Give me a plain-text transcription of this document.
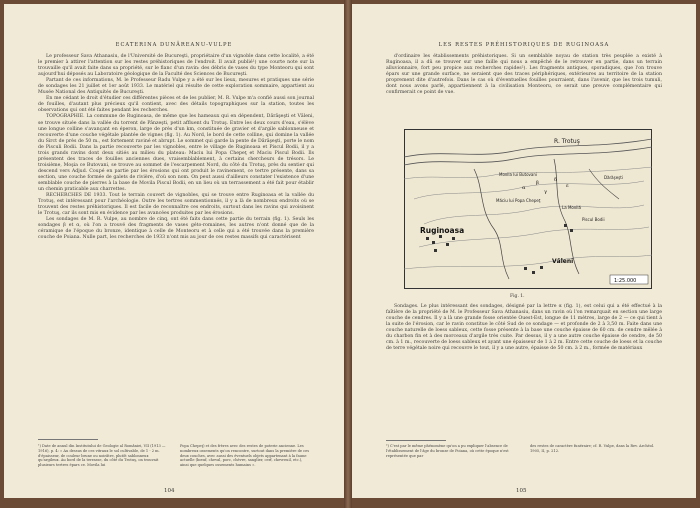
ECATERINA DUNĂREANU-VULPE

Le professeur Sava Athanasiu, de l'Université de Bucureşti, propriétaire d'un vignoble dans cette localité, a été le premier à attirer l'attention sur les restes préhistoriques de l'endroit. Il avait publié¹) une courte note sur la trouvaille qu'il avait faite dans sa propriété, sur le flanc d'un ravin: des débris de vases du type Monteoru qui sont aujourd'hui déposés au Laboratoire géologique de la Faculté des Sciences de Bucureşti.

Partant de ces informations, M. le Professeur Radu Vulpe y a été sur les lieux, mesures et pratiques une série de sondages les 21 juillet et 1er août 1933. Le matériel qui résulte de cette exploration sommaire, appartient au Musée National des Antiquités de Bucureşti.

En me cédant le droit d'étudier ces différentes pièces et de les publier, M. R. Vulpe m'a confié aussi son journal de fouilles, d'autant plus précieux qu'il contient, avec des détails topographiques sur la station, toutes les observations qui ont été faites pendant les recherches.

TOPOGRAPHIE. La commune de Ruginoasa, de même que les hameaux qui en dépendent, Dărăşeşti et Văleni, se trouve située dans la vallée du torrent de Pânzeşti, petit affluent du Trotuş. Entre les deux cours d'eau, s'élève une longue colline s'avançant en éperon, large de près d'un km, constituée de gravier et d'argile sablonneuse et recouverte d'une couche végétale plantée de vignes (fig. 1). Au Nord, le bord de cette colline, qui domine la vallée du Sirct de près de 50 m., est fortement raviné et abrupt. Le sommet qui garde la pente de Dărăşeşti, porte le nom de Pisculi Bodii. Dans la partie recouverte par les vignobles, entre le village de Ruginoasa et Piscul Bodii, il y a trois grands ravins dont deux sitiés au milieu du plateau: Maciu lui Popa Chepeţ et Maciu Piscul Bodii. Ils présentent des traces de fouilles anciennes dues, vraisemblablement, à certains chercheurs de trésors. Le troisième, Moşia ce Butovani, se trouve au sommet de l'escarpement Nord, du côté du Trotuş, près du sentier qui descend vers Adjud. Coupé en partie par les érosions qui ont produit le ravinement, ce tertre présente, dans sa section, une couche formée de galets de rivière, d'où son nom. On peut aussi d'ailleurs constater l'existence d'une semblable couche de pierres à la base de Movila Piscul Bodii, en un lieu où un terrassement a été fait pour établir un chemin praticable aux charrettes.

RECHERCHES DE 1933. Tout le terrain couvert de vignobles, qui se trouve entre Ruginoasa et la vallée du Trotuş, est intéressant pour l'archéologie. Outre les tertres sommentionnés, il y a là de nombreux endroits où se trouvent des restes préhistoriques. Il est facile de reconnaître ces endroits, surtout dans les ravins qui avoisinent le Trotuş, car ils sont mis en évidence par les avancées produites par les érosions.

Les sondages de M. R. Vulpe, au nombre de cinq, ont été faits dans cette partie du terrain (fig. 1). Seuls les sondages β et α, où l'on a trouvé des fragments de vases géto-romaines, les autres n'ont donné que de la céramique de l'époque du bronze, identique à celle de Monteoru et à celle qui a été trouvée dans la première couche de Poiana. Nulle part, les recherches de 1933 n'ont mis au jour de ces restes massifs qui caractérisent

¹) Date de annul din Institutului de Geologie al României, VII (1913 — 1916), p. 4: « Au dessus de ces vitraux le sol cultivable, de 1 - 2 m. d'épaisseur, de couleur brune ou noirâtre, plutôt sablonneux qu'argileux. Au bord de la terrasse, du côté du Trotuş, on trouvait plusieurs tertres épars ce. Movila lui
Popa Chepeţ) et des frères avec des restes de poterie ancienne. Les nombreux ossements qu'on rencontre, surtout dans la première de ces deux couches, avec aussi des éventuels objets appartenant à la faune actuelle (bœuf, cheval, porc, chèvre, sanglier, cerf, chevreuil, etc.), ainsi que quelques ossements humains ».
104
LES RESTES PRÉHISTORIQUES DE RUGINOASA

d'ordinaire les établissements préhistoriques. Si un semblable noyau de station très peuplée a existé à Ruginoasa, il a dû se trouver sur une faille qui nous a empêché de le retrouver en partie, dans un terrain alluvionnaire, fort peu propice aux recherches rapides²). Les fragments antiques, sporadiques, que l'on trouve épars sur une grande surface, ne seraient que des traces périphériques, extérieures au territoire de la station proprement dite d'autrefois. Dans le cas où d'éventuelles fouilles pourraient, dans l'avenir, que les trois tumuli, dont nous avons parlé, appartiennent à la civilisation Monteoru, ce serait une preuve complémentaire qui confirmerait ce point de vue.

R. Trotuş
Movila lui Butovani
Măciu lui Popa Chepeţ
La Movilă
Piscul Bodii
Ruginoasa
Văleni
Dărăşeşti
α
β
γ
δ
ε
1:25.000
Fig. 1.

Sondages. Le plus intéressant des sondages, désigné par la lettre α (fig. 1), est celui qui a été effectué à la faîtière de la propriété de M. le Professeur Sava Athanasiu, dans un ravin où l'on remarquait en section une large couche de cendres. Il y a là une grande fosse orientée Ouest-Est, longue de 11 mètres, large de 2 — ce qui tient à la suite de l'érosion, car le ravin constitue le côté Sud de ce sondage — et profonde de 2 à 3,50 m. Faite dans une couche naturelle de loess sableux, cette fosse présente à la base une couche épaisse de 60 cm. de cendre mêlée à du charbon fin et à des morceaux d'argile très cuite. Par dessus, il y a une autre couche épaisse de cendre, de 50 cm. à 1 m., recouverte de loess sableux et ayant une épaisseur de 1 à 2 m. Entre cette couche de loess et la couche de terre végétale noire qui recouvre le tout, il y a une autre, épaisse de 50 cm. à 2 m., formée de matériaux

²) C'est par le même phénomène qu'on a pu expliquer l'absence de l'établissement de l'âge du bronze de Poiana, où cette époque n'est représentée que par
des restes de caractère funéraire; cf. R. Vulpe, dans la Rev. Archéol. 1905, II, p. 212.
105
